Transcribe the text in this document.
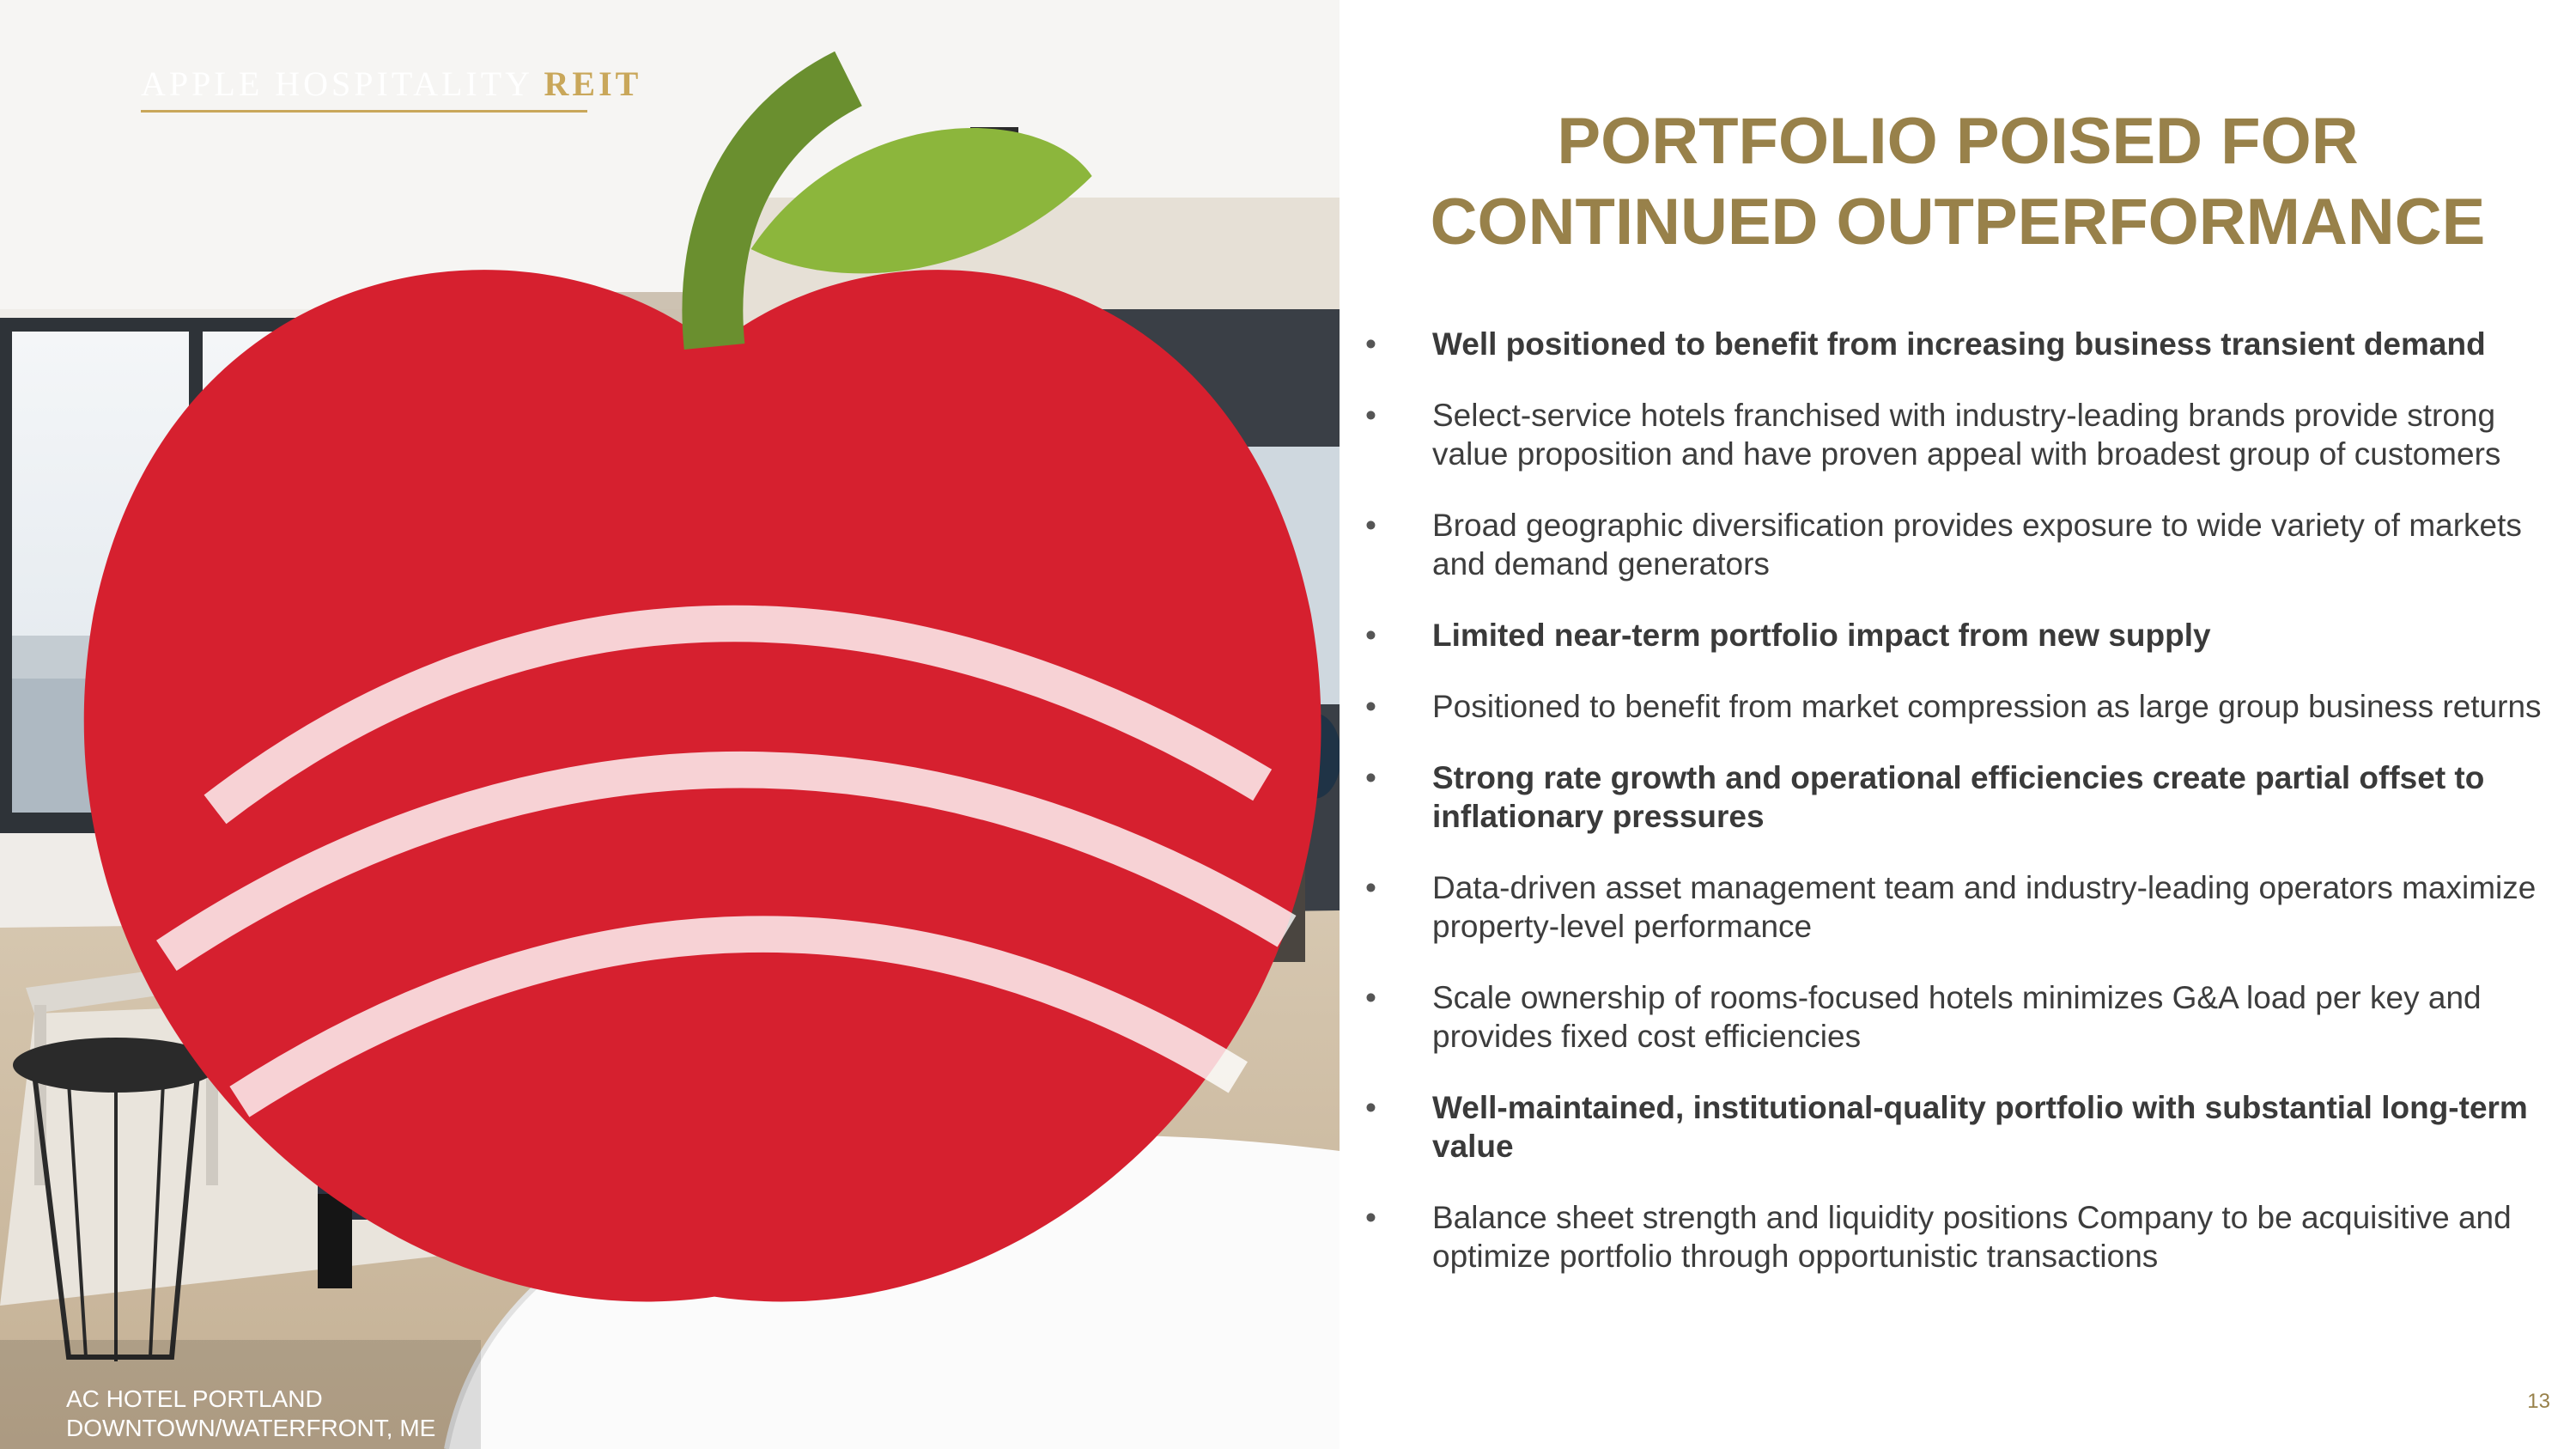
APPLE HOSPITALITY REIT
AC HOTEL PORTLAND
DOWNTOWN/WATERFRONT, ME
PORTFOLIO POISED FOR
CONTINUED OUTPERFORMANCE
• Well positioned to benefit from increasing business transient demand
• Select-service hotels franchised with industry-leading brands provide strong value proposition and have proven appeal with broadest group of customers
• Broad geographic diversification provides exposure to wide variety of markets and demand generators
• Limited near-term portfolio impact from new supply
• Positioned to benefit from market compression as large group business returns
• Strong rate growth and operational efficiencies create partial offset to inflationary pressures
• Data-driven asset management team and industry-leading operators maximize property-level performance
• Scale ownership of rooms-focused hotels minimizes G&A load per key and provides fixed cost efficiencies
• Well-maintained, institutional-quality portfolio with substantial long-term value
• Balance sheet strength and liquidity positions Company to be acquisitive and optimize portfolio through opportunistic transactions
13
